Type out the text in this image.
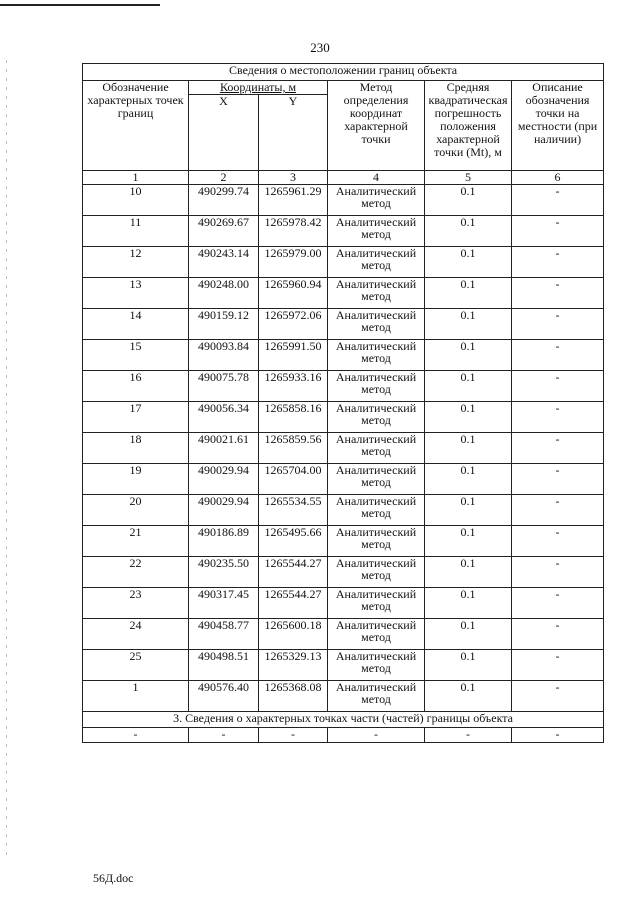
230
Сведения о местоположении границ объекта					
Обозначение характерных точек границ	Координаты, м		Метод определения координат характерной точки	Средняя квадратическая погрешность положения характерной точки (Mt), м	Описание обозначения точки на местности (при наличии)
	X	Y			
1	2	3	4	5	6
10	490299.74	1265961.29	Аналитический метод	0.1	-
11	490269.67	1265978.42	Аналитический метод	0.1	-
12	490243.14	1265979.00	Аналитический метод	0.1	-
13	490248.00	1265960.94	Аналитический метод	0.1	-
14	490159.12	1265972.06	Аналитический метод	0.1	-
15	490093.84	1265991.50	Аналитический метод	0.1	-
16	490075.78	1265933.16	Аналитический метод	0.1	-
17	490056.34	1265858.16	Аналитический метод	0.1	-
18	490021.61	1265859.56	Аналитический метод	0.1	-
19	490029.94	1265704.00	Аналитический метод	0.1	-
20	490029.94	1265534.55	Аналитический метод	0.1	-
21	490186.89	1265495.66	Аналитический метод	0.1	-
22	490235.50	1265544.27	Аналитический метод	0.1	-
23	490317.45	1265544.27	Аналитический метод	0.1	-
24	490458.77	1265600.18	Аналитический метод	0.1	-
25	490498.51	1265329.13	Аналитический метод	0.1	-
1	490576.40	1265368.08	Аналитический метод	0.1	-
3. Сведения о характерных точках части (частей) границы объекта					
-	-	-	-	-	-
56Д.doc
